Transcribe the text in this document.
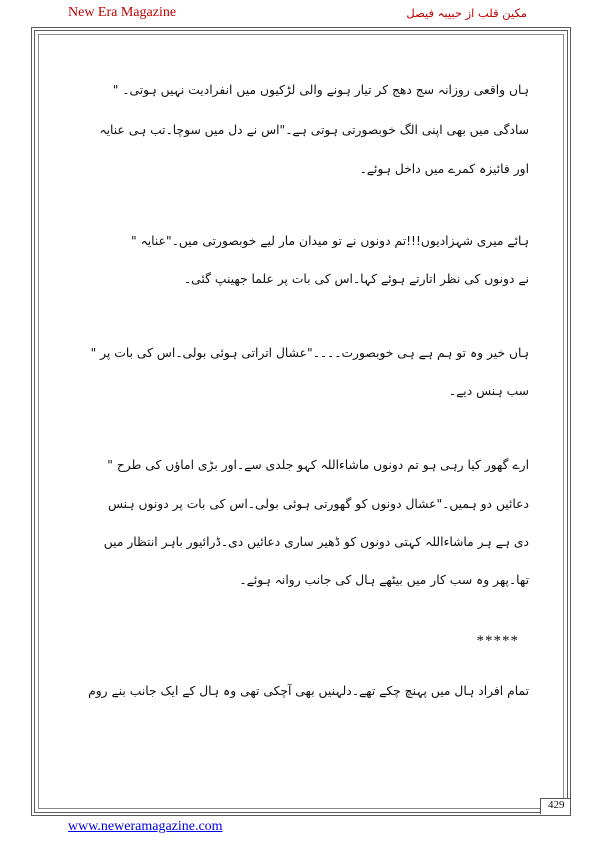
New Era Magazine	مکین قلب از حبیبہ فیصل
ہاں واقعی روزانہ سج دھج کر تیار ہونے والی لڑکیوں میں انفرادیت نہیں ہوتی۔ "
سادگی میں بھی اپنی الگ خوبصورتی ہوتی ہے۔"اس نے دل میں سوچا۔تب ہی عنایہ
اور فائیزہ کمرے میں داخل ہوئے۔
ہائے میری شہزادیوں!!!تم دونوں نے تو میدان مار لیے خوبصورتی میں۔"عنایہ "
نے دونوں کی نظر اتارتے ہوئے کہا۔اس کی بات پر علما جھینپ گئی۔
ہاں خیر وہ تو ہم ہے ہی خوبصورت۔۔۔۔"عشال اتراتی ہوئی بولی۔اس کی بات پر "
سب ہنس دیے۔
ارے گھور کیا رہی ہو تم دونوں ماشاءاللہ کہو جلدی سے۔اور بڑی اماؤں کی طرح "
دعائیں دو ہمیں۔"عشال دونوں کو گھورتی ہوئی بولی۔اس کی بات پر دونوں ہنس
دی ہے ہر ماشاءاللہ کہتی دونوں کو ڈھیر ساری دعائیں دی۔ڈرائیور باہر انتظار میں
تھا۔پھر وہ سب کار میں بیٹھے ہال کی جانب روانہ ہوئے۔
*****
تمام افراد ہال میں پہنچ چکے تھے۔دلہنیں بھی آچکی تھی وہ ہال کے ایک جانب بنے روم
429
www.neweramagazine.com
